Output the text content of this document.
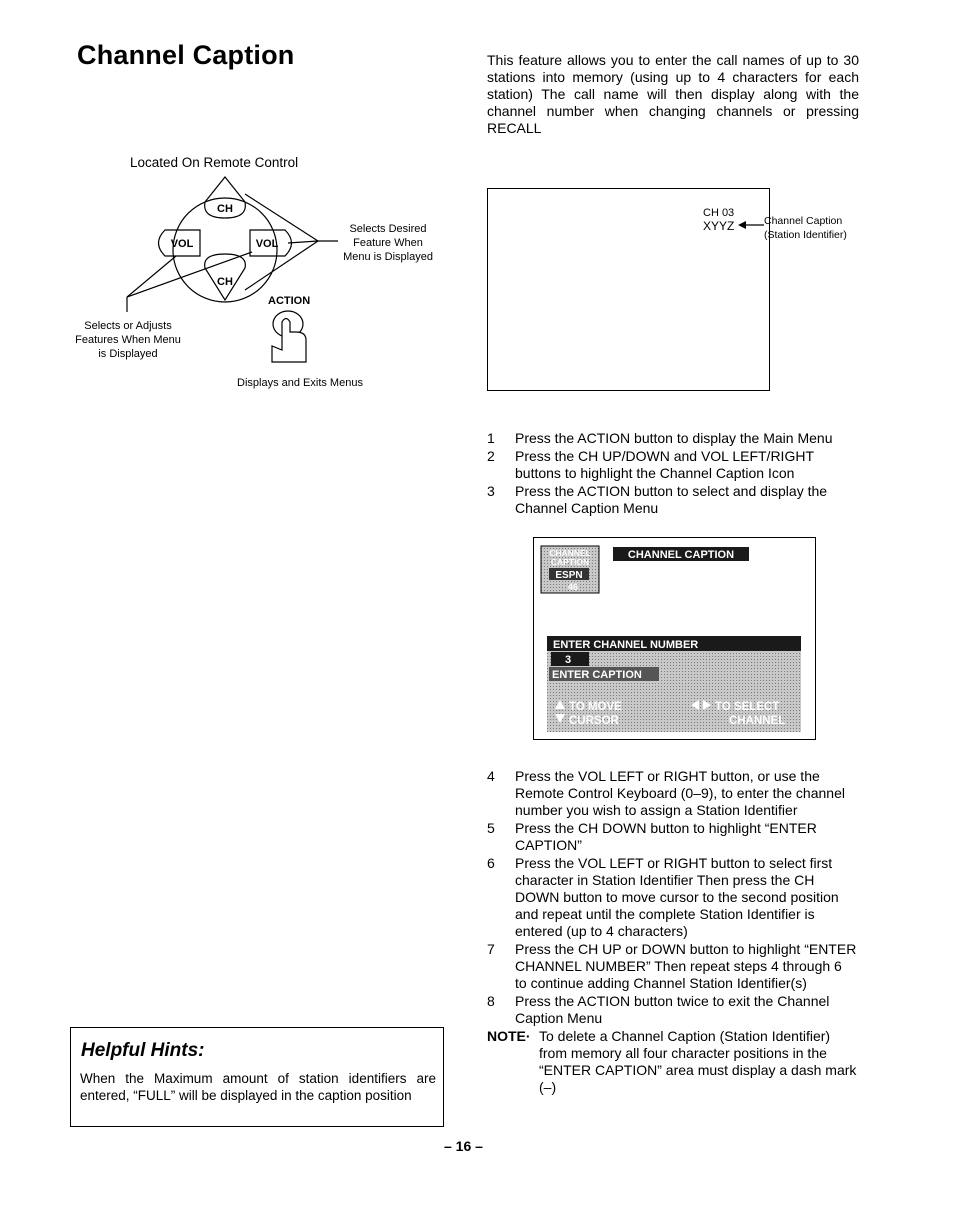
Channel Caption	This feature allows you to enter the call names of up to 30 stations into memory (using up to 4 characters for each station) The call name will then display along with the channel number when changing channels or pressing RECALL
Located On Remote Control
CH
CH
VOL	VOL
Selects Desired Feature When Menu is Displayed
Selects or Adjusts Features When Menu is Displayed
ACTION
Displays and Exits Menus
CH 03
XYYZ	Channel Caption
(Station Identifier)
1	Press the ACTION button to display the Main Menu
2	Press the CH UP/DOWN and VOL LEFT/RIGHT buttons to highlight the Channel Caption Icon
3	Press the ACTION button to select and display the Channel Caption Menu
CHANNEL
CAPTION
ESPN
46
CHANNEL CAPTION
ENTER CHANNEL NUMBER
3
ENTER CAPTION
TO MOVE
CURSOR
TO SELECT
CHANNEL
4	Press the VOL LEFT or RIGHT button, or use the Remote Control Keyboard (0–9), to enter the channel number you wish to assign a Station Identifier
5	Press the CH DOWN button to highlight “ENTER CAPTION”
6	Press the VOL LEFT or RIGHT button to select first character in Station Identifier Then press the CH DOWN button to move cursor to the second position and repeat until the complete Station Identifier is entered (up to 4 characters)
7	Press the CH UP or DOWN button to highlight “ENTER CHANNEL NUMBER” Then repeat steps 4 through 6 to continue adding Channel Station Identifier(s)
8	Press the ACTION button twice to exit the Channel Caption Menu
NOTE· To delete a Channel Caption (Station Identifier) from memory all four character positions in the “ENTER CAPTION” area must display a dash mark (–)
Helpful Hints:
When the Maximum amount of station identifiers are entered, “FULL” will be displayed in the caption position
– 16 –
